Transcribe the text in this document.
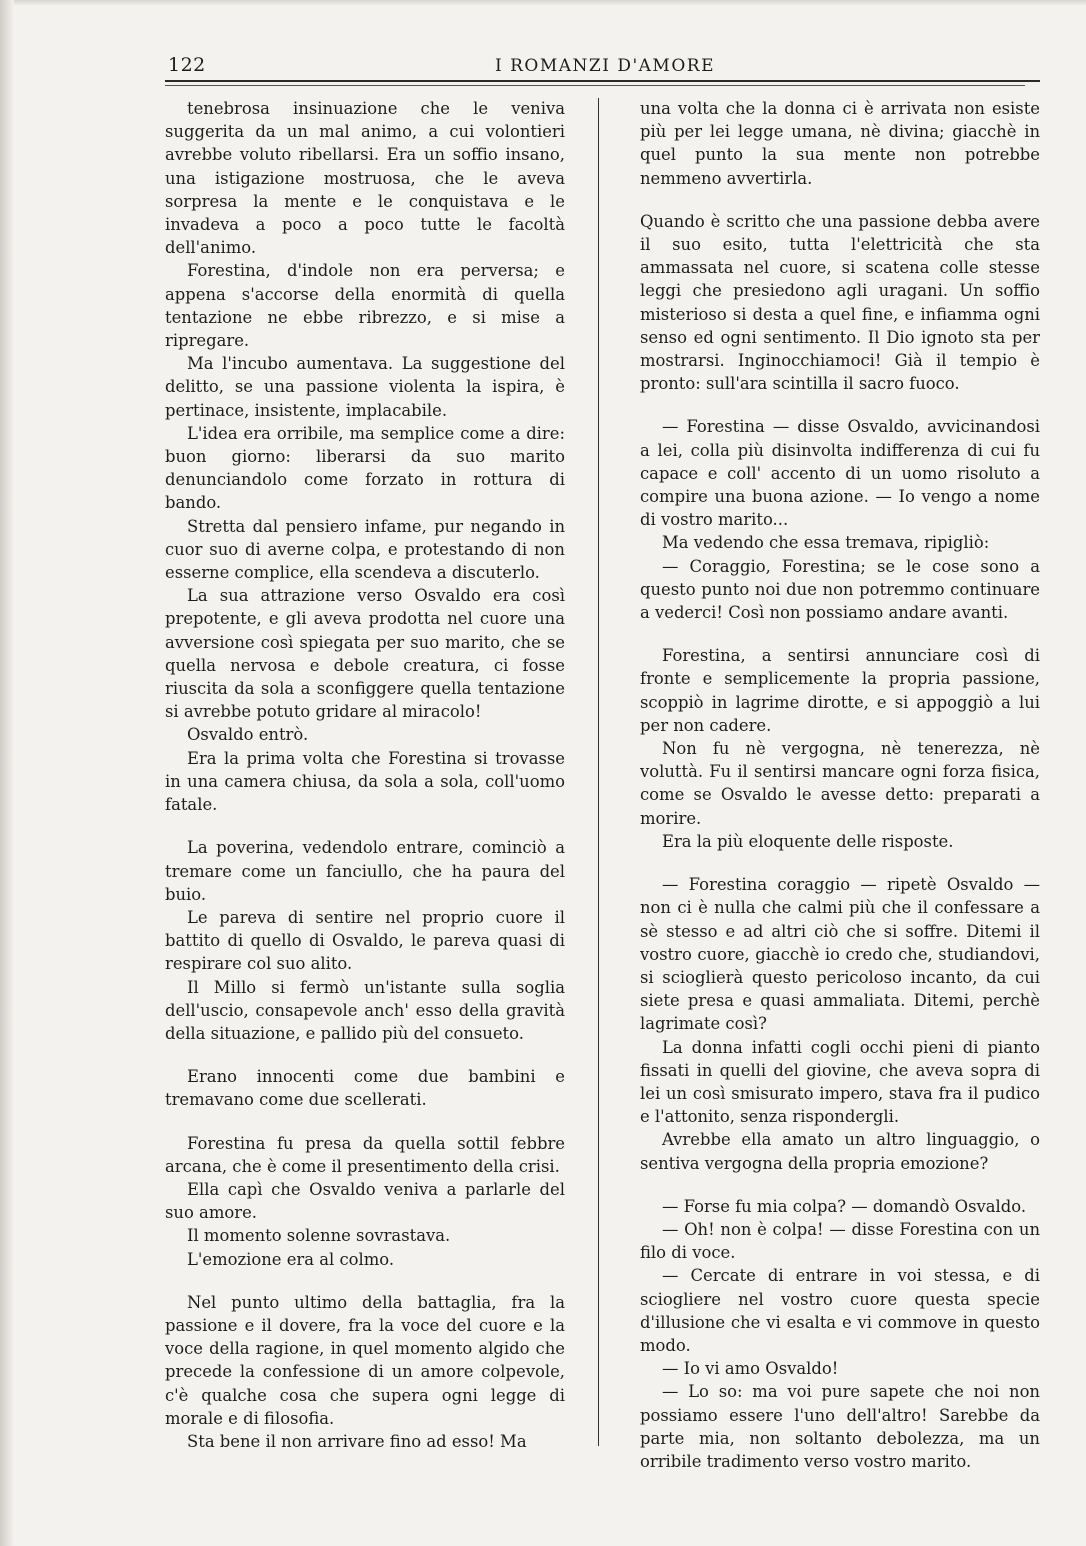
122	I ROMANZI D'AMORE

tenebrosa insinuazione che le veniva suggerita da un mal animo, a cui volontieri avrebbe voluto ribellarsi. Era un soffio insano, una istigazione mostruosa, che le aveva sorpresa la mente e le conquistava e le invadeva a poco a poco tutte le facoltà dell'animo.

Forestina, d'indole non era perversa; e appena s'accorse della enormità di quella tentazione ne ebbe ribrezzo, e si mise a ripregare.

Ma l'incubo aumentava. La suggestione del delitto, se una passione violenta la ispira, è pertinace, insistente, implacabile.

L'idea era orribile, ma semplice come a dire: buon giorno: liberarsi da suo marito denunciandolo come forzato in rottura di bando.

Stretta dal pensiero infame, pur negando in cuor suo di averne colpa, e protestando di non esserne complice, ella scendeva a discuterlo.

La sua attrazione verso Osvaldo era così prepotente, e gli aveva prodotta nel cuore una avversione così spiegata per suo marito, che se quella nervosa e debole creatura, ci fosse riuscita da sola a sconfiggere quella tentazione si avrebbe potuto gridare al miracolo!

Osvaldo entrò.

Era la prima volta che Forestina si trovasse in una camera chiusa, da sola a sola, coll'uomo fatale.

La poverina, vedendolo entrare, cominciò a tremare come un fanciullo, che ha paura del buio.

Le pareva di sentire nel proprio cuore il battito di quello di Osvaldo, le pareva quasi di respirare col suo alito.

Il Millo si fermò un'istante sulla soglia dell'uscio, consapevole anch' esso della gravità della situazione, e pallido più del consueto.

Erano innocenti come due bambini e tremavano come due scellerati.

Forestina fu presa da quella sottil febbre arcana, che è come il presentimento della crisi.

Ella capì che Osvaldo veniva a parlarle del suo amore.

Il momento solenne sovrastava.

L'emozione era al colmo.

Nel punto ultimo della battaglia, fra la passione e il dovere, fra la voce del cuore e la voce della ragione, in quel momento algido che precede la confessione di un amore colpevole, c'è qualche cosa che supera ogni legge di morale e di filosofia.

Sta bene il non arrivare fino ad esso! Ma

una volta che la donna ci è arrivata non esiste più per lei legge umana, nè divina; giacchè in quel punto la sua mente non potrebbe nemmeno avvertirla.

Quando è scritto che una passione debba avere il suo esito, tutta l'elettricità che sta ammassata nel cuore, si scatena colle stesse leggi che presiedono agli uragani. Un soffio misterioso si desta a quel fine, e infiamma ogni senso ed ogni sentimento. Il Dio ignoto sta per mostrarsi. Inginocchiamoci! Già il tempio è pronto: sull'ara scintilla il sacro fuoco.

— Forestina — disse Osvaldo, avvicinandosi a lei, colla più disinvolta indifferenza di cui fu capace e coll' accento di un uomo risoluto a compire una buona azione. — Io vengo a nome di vostro marito...

Ma vedendo che essa tremava, ripigliò:

— Coraggio, Forestina; se le cose sono a questo punto noi due non potremmo continuare a vederci! Così non possiamo andare avanti.

Forestina, a sentirsi annunciare così di fronte e semplicemente la propria passione, scoppiò in lagrime dirotte, e si appoggiò a lui per non cadere.

Non fu nè vergogna, nè tenerezza, nè voluttà. Fu il sentirsi mancare ogni forza fisica, come se Osvaldo le avesse detto: preparati a morire.

Era la più eloquente delle risposte.

— Forestina coraggio — ripetè Osvaldo — non ci è nulla che calmi più che il confessare a sè stesso e ad altri ciò che si soffre. Ditemi il vostro cuore, giacchè io credo che, studiandovi, si scioglierà questo pericoloso incanto, da cui siete presa e quasi ammaliata. Ditemi, perchè lagrimate così?

La donna infatti cogli occhi pieni di pianto fissati in quelli del giovine, che aveva sopra di lei un così smisurato impero, stava fra il pudico e l'attonito, senza rispondergli.

Avrebbe ella amato un altro linguaggio, o sentiva vergogna della propria emozione?

— Forse fu mia colpa? — domandò Osvaldo.

— Oh! non è colpa! — disse Forestina con un filo di voce.

— Cercate di entrare in voi stessa, e di sciogliere nel vostro cuore questa specie d'illusione che vi esalta e vi commove in questo modo.

— Io vi amo Osvaldo!

— Lo so: ma voi pure sapete che noi non possiamo essere l'uno dell'altro! Sarebbe da parte mia, non soltanto debolezza, ma un orribile tradimento verso vostro marito.
